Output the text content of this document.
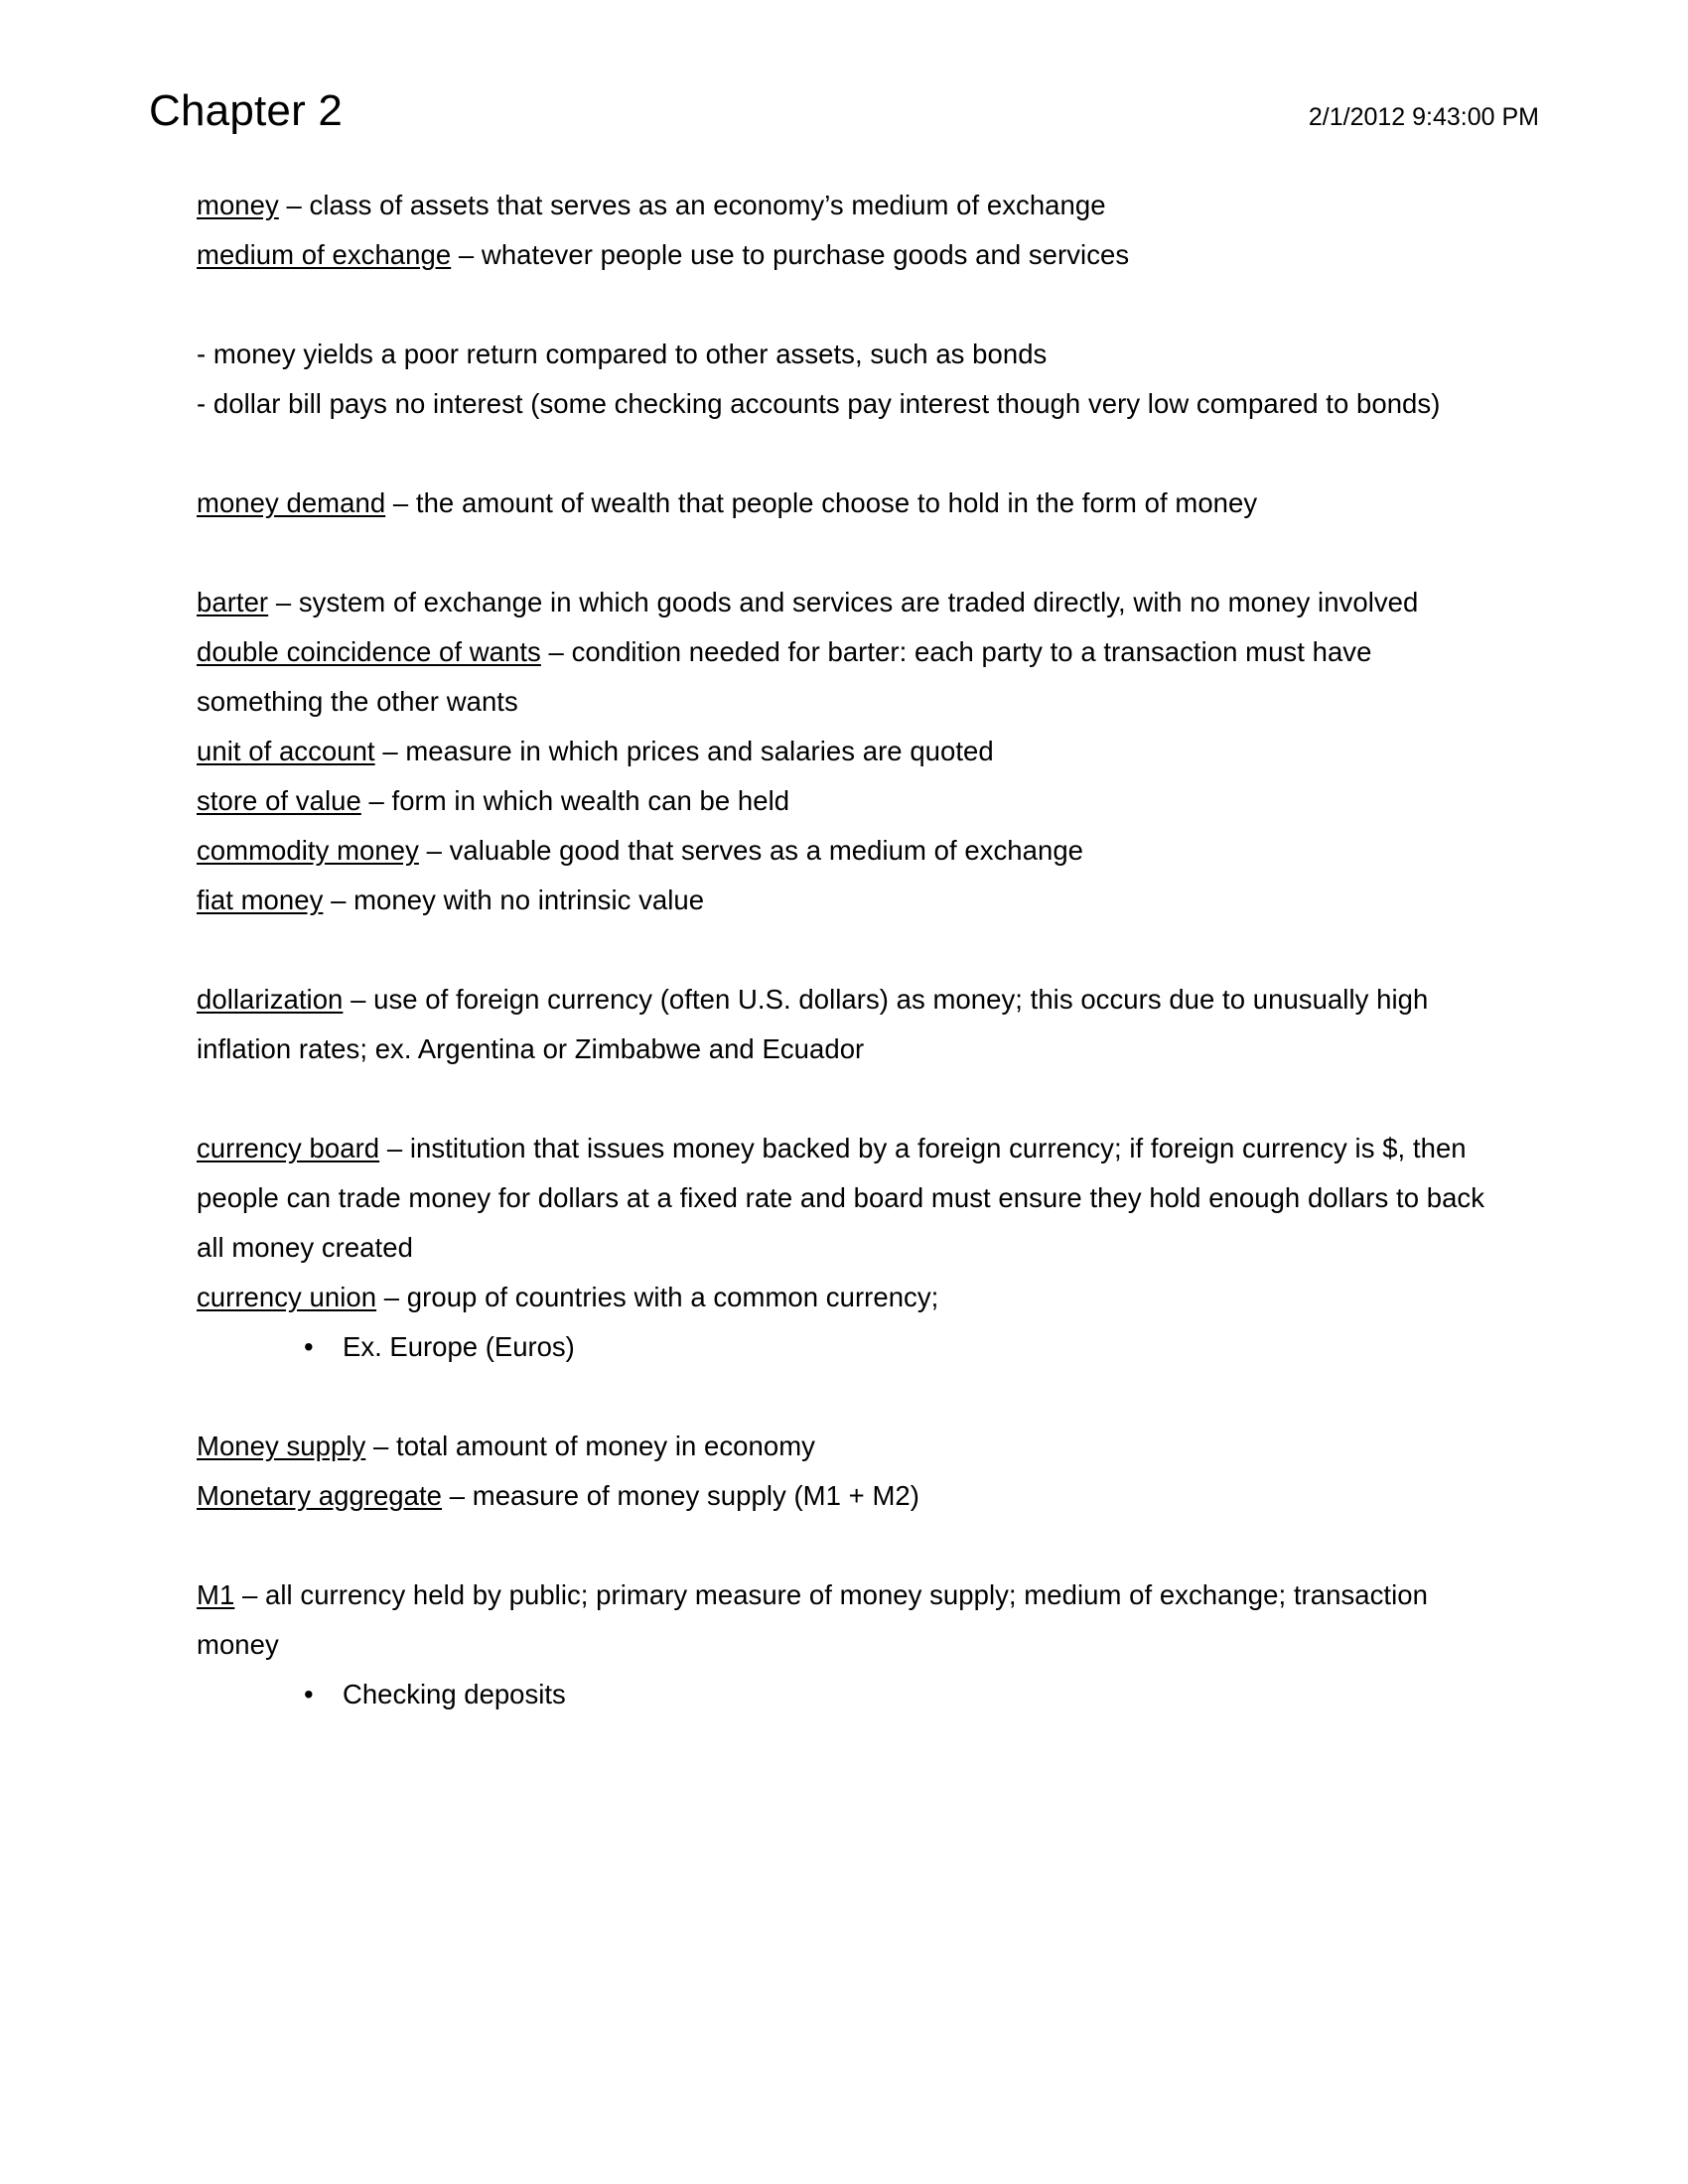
Chapter 2	2/1/2012 9:43:00 PM

money – class of assets that serves as an economy’s medium of exchange

medium of exchange – whatever people use to purchase goods and services

- money yields a poor return compared to other assets, such as bonds

- dollar bill pays no interest (some checking accounts pay interest though very low compared to bonds)

money demand – the amount of wealth that people choose to hold in the form of money

barter – system of exchange in which goods and services are traded directly, with no money involved

double coincidence of wants – condition needed for barter: each party to a transaction must have something the other wants

unit of account – measure in which prices and salaries are quoted

store of value – form in which wealth can be held

commodity money – valuable good that serves as a medium of exchange

fiat money – money with no intrinsic value

dollarization – use of foreign currency (often U.S. dollars) as money; this occurs due to unusually high inflation rates; ex. Argentina or Zimbabwe and Ecuador

currency board – institution that issues money backed by a foreign currency; if foreign currency is $, then people can trade money for dollars at a fixed rate and board must ensure they hold enough dollars to back all money created

currency union – group of countries with a common currency;

• Ex. Europe (Euros)

Money supply – total amount of money in economy

Monetary aggregate – measure of money supply (M1 + M2)

M1 – all currency held by public; primary measure of money supply; medium of exchange; transaction money

• Checking deposits
